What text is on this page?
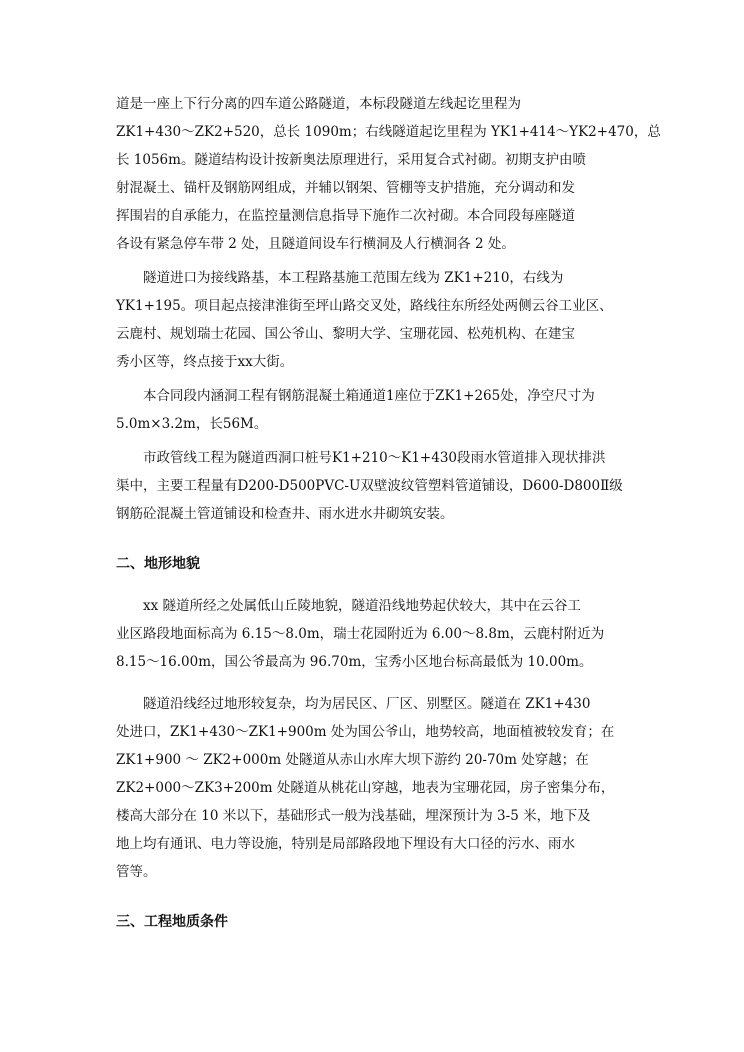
道是一座上下行分离的四车道公路隧道，本标段隧道左线起讫里程为
ZK1+430～ZK2+520，总长 1090m；右线隧道起讫里程为 YK1+414～YK2+470，总
长 1056m。隧道结构设计按新奥法原理进行，采用复合式衬砌。初期支护由喷
射混凝土、锚杆及钢筋网组成，并辅以钢架、管棚等支护措施，充分调动和发
挥围岩的自承能力，在监控量测信息指导下施作二次衬砌。本合同段每座隧道
各设有紧急停车带 2 处，且隧道间设车行横洞及人行横洞各 2 处。

隧道进口为接线路基，本工程路基施工范围左线为 ZK1+210，右线为
YK1+195。项目起点接津淮街至坪山路交叉处，路线往东所经处两侧云谷工业区、
云鹿村、规划瑞士花园、国公爷山、黎明大学、宝珊花园、松苑机构、在建宝
秀小区等，终点接于xx大街。

本合同段内涵洞工程有钢筋混凝土箱通道1座位于ZK1+265处，净空尺寸为
5.0m×3.2m，长56M。

市政管线工程为隧道西洞口桩号K1+210～K1+430段雨水管道排入现状排洪
渠中，主要工程量有D200-D500PVC-U双壁波纹管塑料管道铺设，D600-D800Ⅱ级
钢筋砼混凝土管道铺设和检查井、雨水进水井砌筑安装。

二、地形地貌

xx 隧道所经之处属低山丘陵地貌，隧道沿线地势起伏较大，其中在云谷工
业区路段地面标高为 6.15～8.0m，瑞士花园附近为 6.00～8.8m，云鹿村附近为
8.15～16.00m，国公爷最高为 96.70m，宝秀小区地台标高最低为 10.00m。

隧道沿线经过地形较复杂，均为居民区、厂区、别墅区。隧道在 ZK1+430
处进口，ZK1+430～ZK1+900m 处为国公爷山，地势较高，地面植被较发育；在
ZK1+900 ～ ZK2+000m 处隧道从赤山水库大坝下游约 20-70m 处穿越；在
ZK2+000～ZK3+200m 处隧道从桃花山穿越，地表为宝珊花园，房子密集分布，
楼高大部分在 10 米以下，基础形式一般为浅基础，埋深预计为 3-5 米，地下及
地上均有通讯、电力等设施，特别是局部路段地下埋设有大口径的污水、雨水
管等。

三、工程地质条件
